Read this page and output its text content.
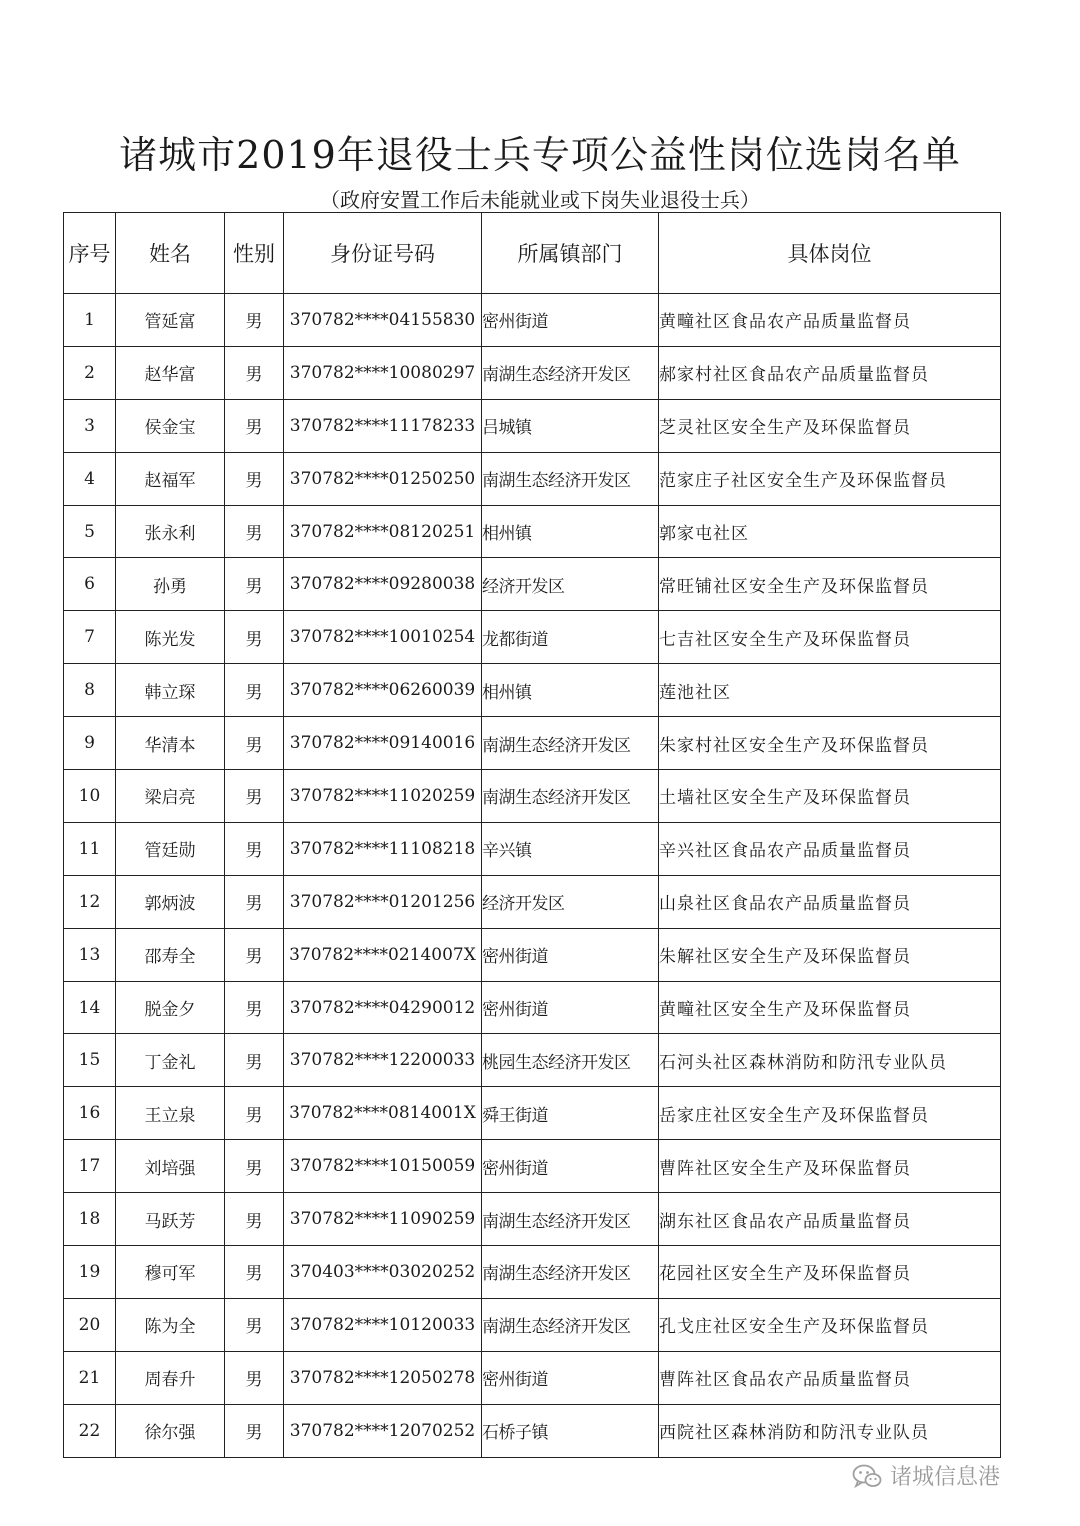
诸城市2019年退役士兵专项公益性岗位选岗名单
（政府安置工作后未能就业或下岗失业退役士兵）
序号	姓名	性别	身份证号码	所属镇部门	具体岗位
1	管延富	男	370782****04155830	密州街道	黄疃社区食品农产品质量监督员
2	赵华富	男	370782****10080297	南湖生态经济开发区	郝家村社区食品农产品质量监督员
3	侯金宝	男	370782****11178233	吕城镇	芝灵社区安全生产及环保监督员
4	赵福军	男	370782****01250250	南湖生态经济开发区	范家庄子社区安全生产及环保监督员
5	张永利	男	370782****08120251	相州镇	郭家屯社区
6	孙勇	男	370782****09280038	经济开发区	常旺铺社区安全生产及环保监督员
7	陈光发	男	370782****10010254	龙都街道	七吉社区安全生产及环保监督员
8	韩立琛	男	370782****06260039	相州镇	莲池社区
9	华清本	男	370782****09140016	南湖生态经济开发区	朱家村社区安全生产及环保监督员
10	梁启亮	男	370782****11020259	南湖生态经济开发区	土墙社区安全生产及环保监督员
11	管廷勋	男	370782****11108218	辛兴镇	辛兴社区食品农产品质量监督员
12	郭炳波	男	370782****01201256	经济开发区	山泉社区食品农产品质量监督员
13	邵寿全	男	370782****0214007X	密州街道	朱解社区安全生产及环保监督员
14	脱金夕	男	370782****04290012	密州街道	黄疃社区安全生产及环保监督员
15	丁金礼	男	370782****12200033	桃园生态经济开发区	石河头社区森林消防和防汛专业队员
16	王立泉	男	370782****0814001X	舜王街道	岳家庄社区安全生产及环保监督员
17	刘培强	男	370782****10150059	密州街道	曹阵社区安全生产及环保监督员
18	马跃芳	男	370782****11090259	南湖生态经济开发区	湖东社区食品农产品质量监督员
19	穆可军	男	370403****03020252	南湖生态经济开发区	花园社区安全生产及环保监督员
20	陈为全	男	370782****10120033	南湖生态经济开发区	孔戈庄社区安全生产及环保监督员
21	周春升	男	370782****12050278	密州街道	曹阵社区食品农产品质量监督员
22	徐尔强	男	370782****12070252	石桥子镇	西院社区森林消防和防汛专业队员
诸城信息港
